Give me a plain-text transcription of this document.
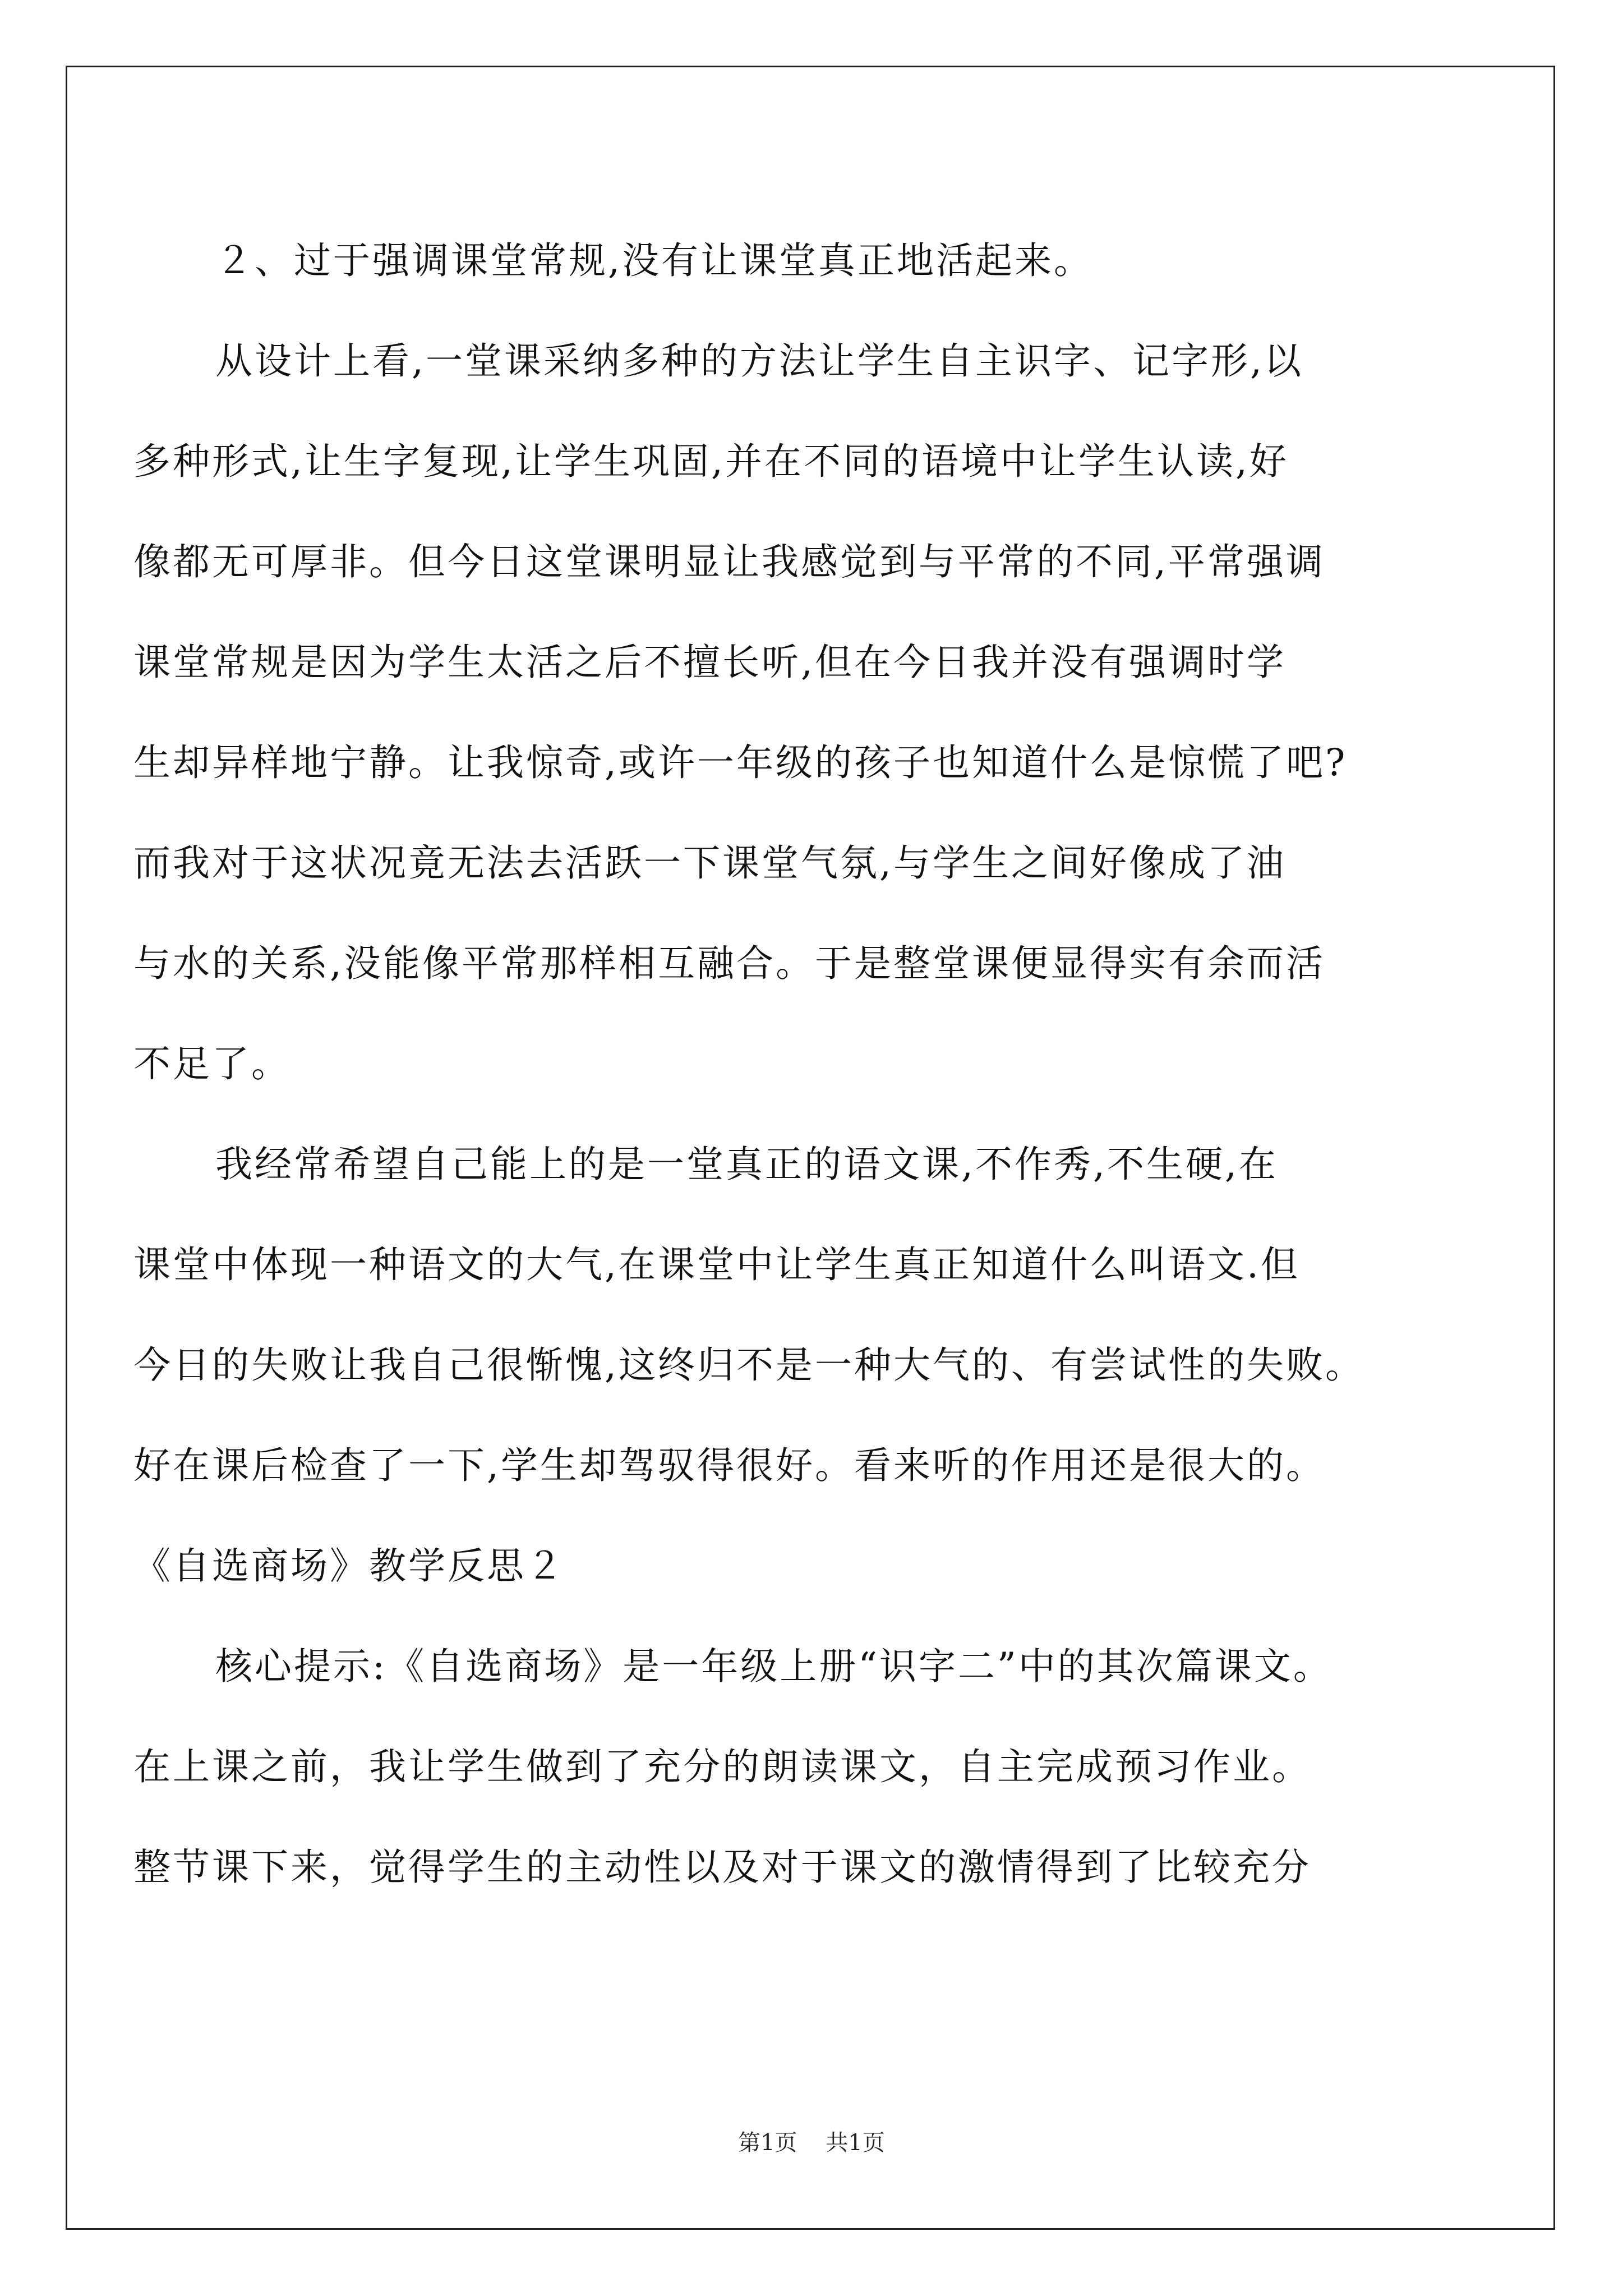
２、过于强调课堂常规,没有让课堂真正地活起来。
从设计上看,一堂课采纳多种的方法让学生自主识字、记字形,以
多种形式,让生字复现,让学生巩固,并在不同的语境中让学生认读,好
像都无可厚非。但今日这堂课明显让我感觉到与平常的不同,平常强调
课堂常规是因为学生太活之后不擅长听,但在今日我并没有强调时学
生却异样地宁静。让我惊奇,或许一年级的孩子也知道什么是惊慌了吧?
而我对于这状况竟无法去活跃一下课堂气氛,与学生之间好像成了油
与水的关系,没能像平常那样相互融合。于是整堂课便显得实有余而活
不足了。
我经常希望自己能上的是一堂真正的语文课,不作秀,不生硬,在
课堂中体现一种语文的大气,在课堂中让学生真正知道什么叫语文.但
今日的失败让我自己很惭愧,这终归不是一种大气的、有尝试性的失败。
好在课后检查了一下,学生却驾驭得很好。看来听的作用还是很大的。
《自选商场》教学反思２
核心提示:《自选商场》是一年级上册“识字二”中的其次篇课文。
在上课之前，我让学生做到了充分的朗读课文，自主完成预习作业。
整节课下来，觉得学生的主动性以及对于课文的激情得到了比较充分
第1页    共1页
